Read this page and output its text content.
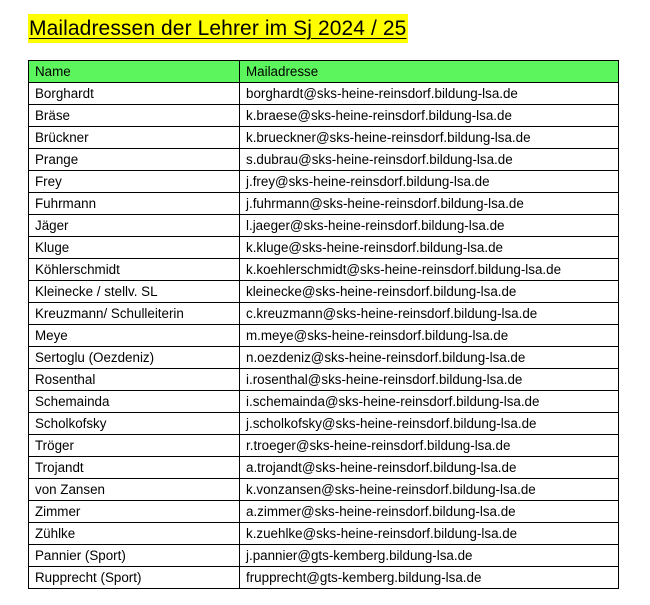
Mailadressen der Lehrer im Sj 2024 / 25
Name	Mailadresse
Borghardt	borghardt@sks-heine-reinsdorf.bildung-lsa.de
Bräse	k.braese@sks-heine-reinsdorf.bildung-lsa.de
Brückner	k.brueckner@sks-heine-reinsdorf.bildung-lsa.de
Prange	s.dubrau@sks-heine-reinsdorf.bildung-lsa.de
Frey	j.frey@sks-heine-reinsdorf.bildung-lsa.de
Fuhrmann	j.fuhrmann@sks-heine-reinsdorf.bildung-lsa.de
Jäger	l.jaeger@sks-heine-reinsdorf.bildung-lsa.de
Kluge	k.kluge@sks-heine-reinsdorf.bildung-lsa.de
Köhlerschmidt	k.koehlerschmidt@sks-heine-reinsdorf.bildung-lsa.de
Kleinecke / stellv. SL	kleinecke@sks-heine-reinsdorf.bildung-lsa.de
Kreuzmann/ Schulleiterin	c.kreuzmann@sks-heine-reinsdorf.bildung-lsa.de
Meye	m.meye@sks-heine-reinsdorf.bildung-lsa.de
Sertoglu (Oezdeniz)	n.oezdeniz@sks-heine-reinsdorf.bildung-lsa.de
Rosenthal	i.rosenthal@sks-heine-reinsdorf.bildung-lsa.de
Schemainda	i.schemainda@sks-heine-reinsdorf.bildung-lsa.de
Scholkofsky	j.scholkofsky@sks-heine-reinsdorf.bildung-lsa.de
Tröger	r.troeger@sks-heine-reinsdorf.bildung-lsa.de
Trojandt	a.trojandt@sks-heine-reinsdorf.bildung-lsa.de
von Zansen	k.vonzansen@sks-heine-reinsdorf.bildung-lsa.de
Zimmer	a.zimmer@sks-heine-reinsdorf.bildung-lsa.de
Zühlke	k.zuehlke@sks-heine-reinsdorf.bildung-lsa.de
Pannier (Sport)	j.pannier@gts-kemberg.bildung-lsa.de
Rupprecht (Sport)	frupprecht@gts-kemberg.bildung-lsa.de
